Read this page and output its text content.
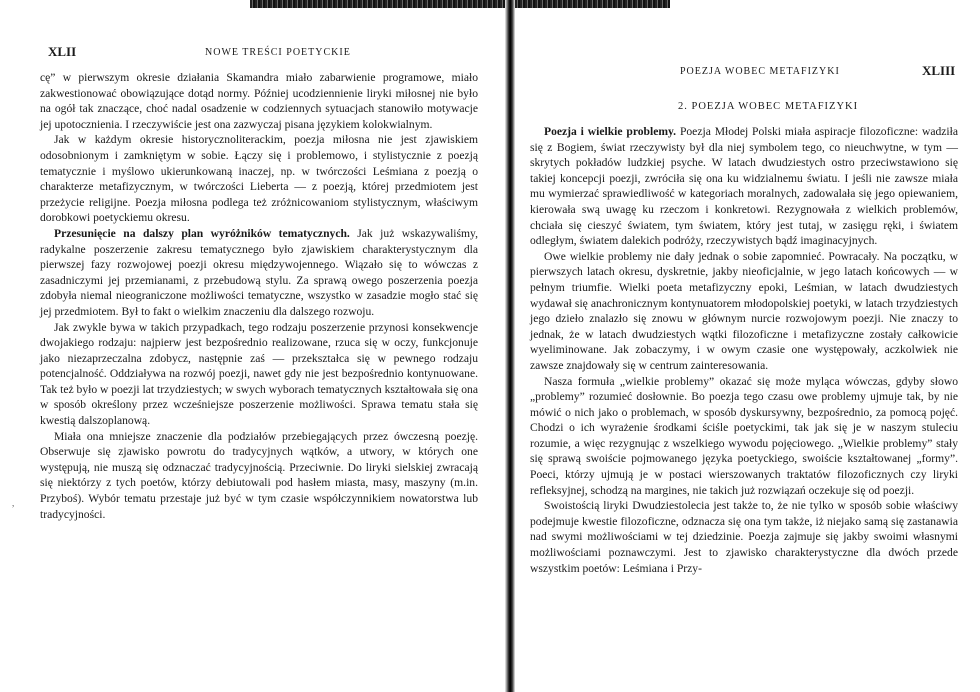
,
XLII	NOWE TREŚCI POETYCKIE

cę” w pierwszym okresie działania Skamandra miało zabarwienie programowe, miało zakwestionować obowiązujące dotąd normy. Później ucodziennienie liryki miłosnej nie było na ogół tak znaczące, choć nadal osadzenie w codziennych sytuacjach stanowiło motywacje jej upotocznienia. I rzeczywiście jest ona zazwyczaj pisana językiem kolokwialnym.

Jak w każdym okresie historycznoliterackim, poezja miłosna nie jest zjawiskiem odosobnionym i zamkniętym w sobie. Łączy się i problemowo, i stylistycznie z poezją tematycznie i myślowo ukierunkowaną inaczej, np. w twórczości Leśmiana z poezją o charakterze metafizycznym, w twórczości Lieberta — z poezją, której przedmiotem jest przeżycie religijne. Poezja miłosna podlega też zróżnicowaniom stylistycznym, właściwym dorobkowi poetyckiemu okresu.

Przesunięcie na dalszy plan wyróżników tematycznych. Jak już wskazywaliśmy, radykalne poszerzenie zakresu tematycznego było zjawiskiem charakterystycznym dla pierwszej fazy rozwojowej poezji okresu międzywojennego. Wiązało się to wówczas z zasadniczymi jej przemianami, z przebudową stylu. Za sprawą owego poszerzenia poezja zdobyła niemal nieograniczone możliwości tematyczne, wszystko w zasadzie mogło stać się jej przedmiotem. Był to fakt o wielkim znaczeniu dla dalszego rozwoju.

Jak zwykle bywa w takich przypadkach, tego rodzaju poszerzenie przynosi konsekwencje dwojakiego rodzaju: najpierw jest bezpośrednio realizowane, rzuca się w oczy, funkcjonuje jako niezaprzeczalna zdobycz, następnie zaś — przekształca się w pewnego rodzaju potencjalność. Oddziaływa na rozwój poezji, nawet gdy nie jest bezpośrednio kontynuowane. Tak też było w poezji lat trzydziestych; w swych wyborach tematycznych kształtowała się ona w sposób określony przez wcześniejsze poszerzenie możliwości. Sprawa tematu stała się kwestią dalszoplanową.

Miała ona mniejsze znaczenie dla podziałów przebiegających przez ówczesną poezję. Obserwuje się zjawisko powrotu do tradycyjnych wątków, a utwory, w których one występują, nie muszą się odznaczać tradycyjnością. Przeciwnie. Do liryki sielskiej zwracają się niektórzy z tych poetów, którzy debiutowali pod hasłem miasta, masy, maszyny (m.in. Przyboś). Wybór tematu przestaje już być w tym czasie współczynnikiem nowatorstwa lub tradycyjności.

POEZJA WOBEC METAFIZYKI	XLIII
2. POEZJA WOBEC METAFIZYKI

Poezja i wielkie problemy. Poezja Młodej Polski miała aspiracje filozoficzne: wadziła się z Bogiem, świat rzeczywisty był dla niej symbolem tego, co nieuchwytne, w tym — skrytych pokładów ludzkiej psyche. W latach dwudziestych ostro przeciwstawiono się takiej koncepcji poezji, zwróciła się ona ku widzialnemu światu. I jeśli nie zawsze miała mu wymierzać sprawiedliwość w kategoriach moralnych, zadowalała się jego opiewaniem, kierowała swą uwagę ku rzeczom i konkretowi. Rezygnowała z wielkich problemów, chciała się cieszyć światem, tym światem, który jest tutaj, w zasięgu ręki, i światem odległym, światem dalekich podróży, rzeczywistych bądź imaginacyjnych.

Owe wielkie problemy nie dały jednak o sobie zapomnieć. Powracały. Na początku, w pierwszych latach okresu, dyskretnie, jakby nieoficjalnie, w jego latach końcowych — w pełnym triumfie. Wielki poeta metafizyczny epoki, Leśmian, w latach dwudziestych wydawał się anachronicznym kontynuatorem młodopolskiej poetyki, w latach trzydziestych jego dzieło znalazło się znowu w głównym nurcie rozwojowym poezji. Nie znaczy to jednak, że w latach dwudziestych wątki filozoficzne i metafizyczne zostały całkowicie wyeliminowane. Jak zobaczymy, i w owym czasie one występowały, aczkolwiek nie zawsze znajdowały się w centrum zainteresowania.

Nasza formuła „wielkie problemy” okazać się może myląca wówczas, gdyby słowo „problemy” rozumieć dosłownie. Bo poezja tego czasu owe problemy ujmuje tak, by nie mówić o nich jako o problemach, w sposób dyskursywny, bezpośrednio, za pomocą pojęć. Chodzi o ich wyrażenie środkami ściśle poetyckimi, tak jak się je w naszym stuleciu rozumie, a więc rezygnując z wszelkiego wywodu pojęciowego. „Wielkie problemy” stały się sprawą swoiście pojmowanego języka poetyckiego, swoiście kształtowanej „formy”. Poeci, którzy ujmują je w postaci wierszowanych traktatów filozoficznych czy liryki refleksyjnej, schodzą na margines, nie takich już rozwiązań oczekuje się od poezji.

Swoistością liryki Dwudziestolecia jest także to, że nie tylko w sposób sobie właściwy podejmuje kwestie filozoficzne, odznacza się ona tym także, iż niejako samą się zastanawia nad swymi możliwościami w tej dziedzinie. Poezja zajmuje się jakby swoimi własnymi możliwościami poznawczymi. Jest to zjawisko charakterystyczne dla dwóch przede wszystkim poetów: Leśmiana i Przy-
